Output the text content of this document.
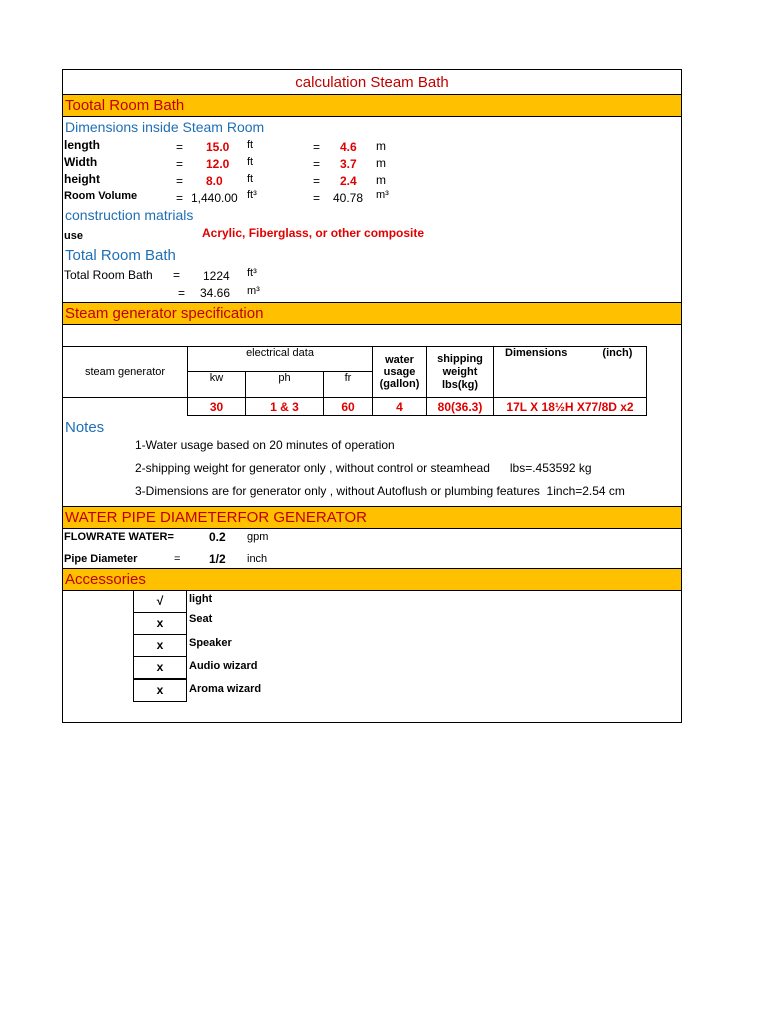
calculation Steam Bath
Tootal Room Bath
Dimensions inside Steam Room
length	= 15.0 ft	= 4.6 m
Width	= 12.0 ft	= 3.7 m
height	= 8.0 ft	= 2.4 m
Room Volume	= 1,440.00 ft³	= 40.78 m³
construction matrials
use	Acrylic, Fiberglass, or other composite
Total Room Bath
Total Room Bath = 1224 ft³
= 34.66 m³
Steam generator specification
steam generator	electrical data			water usage (gallon)	shipping weight lbs(kg)	Dimensions (inch)
	kw	ph	fr			
	30	1 & 3	60	4	80(36.3)	17L X 18½H X77/8D x2
Notes
1-Water usage based on 20 minutes of operation
2-shipping weight for generator only , without control or steamhead      lbs=.453592 kg
3-Dimensions are for generator only , without Autoflush or plumbing features  1inch=2.54 cm
WATER PIPE DIAMETERFOR GENERATOR
FLOWRATE WATER=	0.2 gpm
Pipe Diameter	= 1/2 inch
Accessories
√	light
x	Seat
x	Speaker
x	Audio wizard
x	Aroma wizard
